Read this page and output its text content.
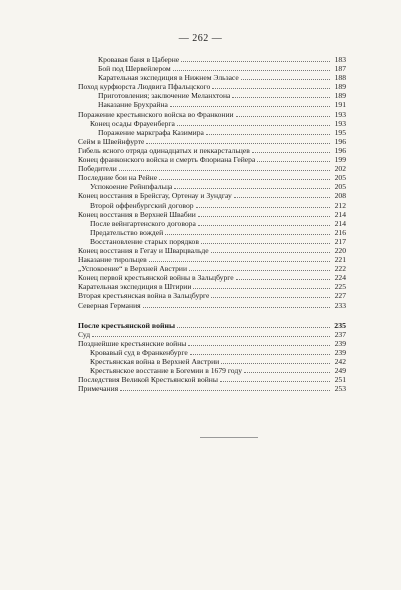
— 262 —
Кровавая баня в Цаберне	183
Бой под Шервейлером	187
Карательная экспедиция в Нижнем Эльзасе	188
Поход курфюрста Людвига Пфальцского	189
Приготовления; заключение Меланхтона	189
Наказание Брухрайна	191
Поражение крестьянского войска во Франконии	193
Конец осады Фрауенберга	193
Поражение маркграфа Казимира	195
Сейм в Швейнфурте	196
Гибель ясного отряда одинадцатых и пеккарстальцев	196
Конец франконского войска и смерть Флориана Гейера	199
Победители	202
Последние бои на Рейне	205
Успокоение Рейнпфальца	205
Конец восстания в Брейсгау, Ортенау и Зундгау	208
Второй оффенбургский договор	212
Конец восстания в Верхней Швабии	214
После вейнгартенского договора	214
Предательство вождей	216
Восстановление старых порядков	217
Конец восстания в Гегау и Шварцвальде	220
Наказание тирольцев	221
„Успокоение“ в Верхней Австрии	222
Конец первой крестьянской войны в Зальцбурге	224
Карательная экспедиция в Штирии	225
Вторая крестьянская война в Зальцбурге	227
Северная Германия	233
После крестьянской войны	235
Суд	237
Позднейшие крестьянские войны	239
Кровавый суд в Франкенбурге	239
Крестьянская война в Верхней Австрии	242
Крестьянское восстание в Богемии в 1679 году	249
Последствия Великой Крестьянской войны	251
Примечания	253
